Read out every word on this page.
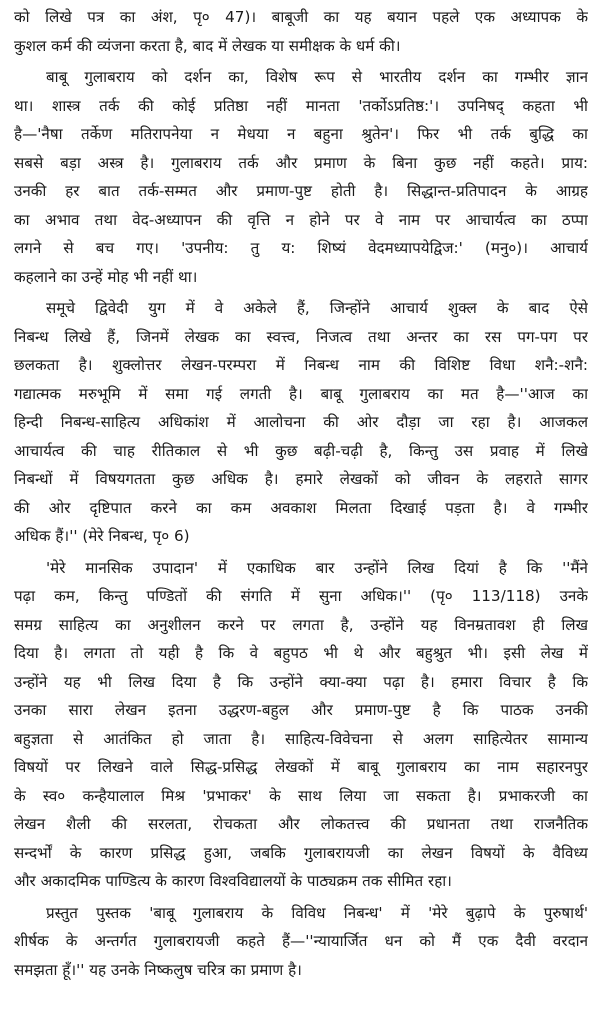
को लिखे पत्र का अंश, पृ० 47)। बाबूजी का यह बयान पहले एक अध्यापक के
कुशल कर्म की व्यंजना करता है, बाद में लेखक या समीक्षक के धर्म की।
बाबू गुलाबराय को दर्शन का, विशेष रूप से भारतीय दर्शन का गम्भीर ज्ञान
था। शास्त्र तर्क की कोई प्रतिष्ठा नहीं मानता 'तर्कोऽप्रतिष्ठ:'। उपनिषद् कहता भी
है—'नैषा तर्केण मतिरापनेया न मेधया न बहुना श्रुतेन'। फिर भी तर्क बुद्धि का
सबसे बड़ा अस्त्र है। गुलाबराय तर्क और प्रमाण के बिना कुछ नहीं कहते। प्राय:
उनकी हर बात तर्क-सम्मत और प्रमाण-पुष्ट होती है। सिद्धान्त-प्रतिपादन के आग्रह
का अभाव तथा वेद-अध्यापन की वृत्ति न होने पर वे नाम पर आचार्यत्व का ठप्पा
लगने से बच गए। 'उपनीय: तु य: शिष्यं वेदमध्यापयेद्विज:' (मनु०)। आचार्य
कहलाने का उन्हें मोह भी नहीं था।
समूचे द्विवेदी युग में वे अकेले हैं, जिन्होंने आचार्य शुक्ल के बाद ऐसे
निबन्ध लिखे हैं, जिनमें लेखक का स्वत्त्व, निजत्व तथा अन्तर का रस पग-पग पर
छलकता है। शुक्लोत्तर लेखन-परम्परा में निबन्ध नाम की विशिष्ट विधा शनै:-शनै:
गद्यात्मक मरुभूमि में समा गई लगती है। बाबू गुलाबराय का मत है—''आज का
हिन्दी निबन्ध-साहित्य अधिकांश में आलोचना की ओर दौड़ा जा रहा है। आजकल
आचार्यत्व की चाह रीतिकाल से भी कुछ बढ़ी-चढ़ी है, किन्तु उस प्रवाह में लिखे
निबन्धों में विषयगतता कुछ अधिक है। हमारे लेखकों को जीवन के लहराते सागर
की ओर दृष्टिपात करने का कम अवकाश मिलता दिखाई पड़ता है। वे गम्भीर
अधिक हैं।'' (मेरे निबन्ध, पृ० 6)
'मेरे मानसिक उपादान' में एकाधिक बार उन्होंने लिख दियां है कि ''मैंने
पढ़ा कम, किन्तु पण्डितों की संगति में सुना अधिक।'' (पृ० 113/118) उनके
समग्र साहित्य का अनुशीलन करने पर लगता है, उन्होंने यह विनम्रतावश ही लिख
दिया है। लगता तो यही है कि वे बहुपठ भी थे और बहुश्रुत भी। इसी लेख में
उन्होंने यह भी लिख दिया है कि उन्होंने क्या-क्या पढ़ा है। हमारा विचार है कि
उनका सारा लेखन इतना उद्धरण-बहुल और प्रमाण-पुष्ट है कि पाठक उनकी
बहुज्ञता से आतंकित हो जाता है। साहित्य-विवेचना से अलग साहित्येतर सामान्य
विषयों पर लिखने वाले सिद्ध-प्रसिद्ध लेखकों में बाबू गुलाबराय का नाम सहारनपुर
के स्व० कन्हैयालाल मिश्र 'प्रभाकर' के साथ लिया जा सकता है। प्रभाकरजी का
लेखन शैली की सरलता, रोचकता और लोकतत्त्व की प्रधानता तथा राजनैतिक
सन्दर्भों के कारण प्रसिद्ध हुआ, जबकि गुलाबरायजी का लेखन विषयों के वैविध्य
और अकादमिक पाण्डित्य के कारण विश्वविद्यालयों के पाठ्यक्रम तक सीमित रहा।
प्रस्तुत पुस्तक 'बाबू गुलाबराय के विविध निबन्ध' में 'मेरे बुढ़ापे के पुरुषार्थ'
शीर्षक के अन्तर्गत गुलाबरायजी कहते हैं—''न्यायार्जित धन को मैं एक दैवी वरदान
समझता हूँ।'' यह उनके निष्कलुष चरित्र का प्रमाण है।
